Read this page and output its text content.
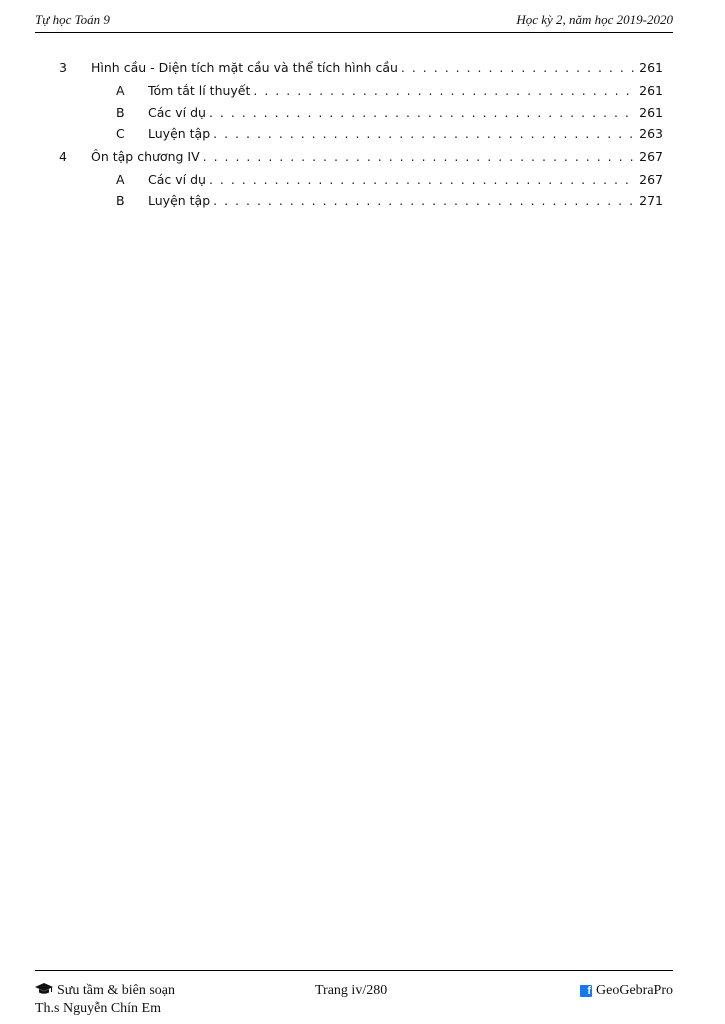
Tự học Toán 9	Học kỳ 2, năm học 2019-2020
3	Hình cầu - Diện tích mặt cầu và thể tích hình cầu . . .	261
A	Tóm tắt lí thuyết . . .	261
B	Các ví dụ . . .	261
C	Luyện tập . . .	263
4	Ôn tập chương IV . . .	267
A	Các ví dụ . . .	267
B	Luyện tập . . .	271
Sưu tầm & biên soạn
Th.s Nguyễn Chín Em
Trang iv/280	f GeoGebraPro
